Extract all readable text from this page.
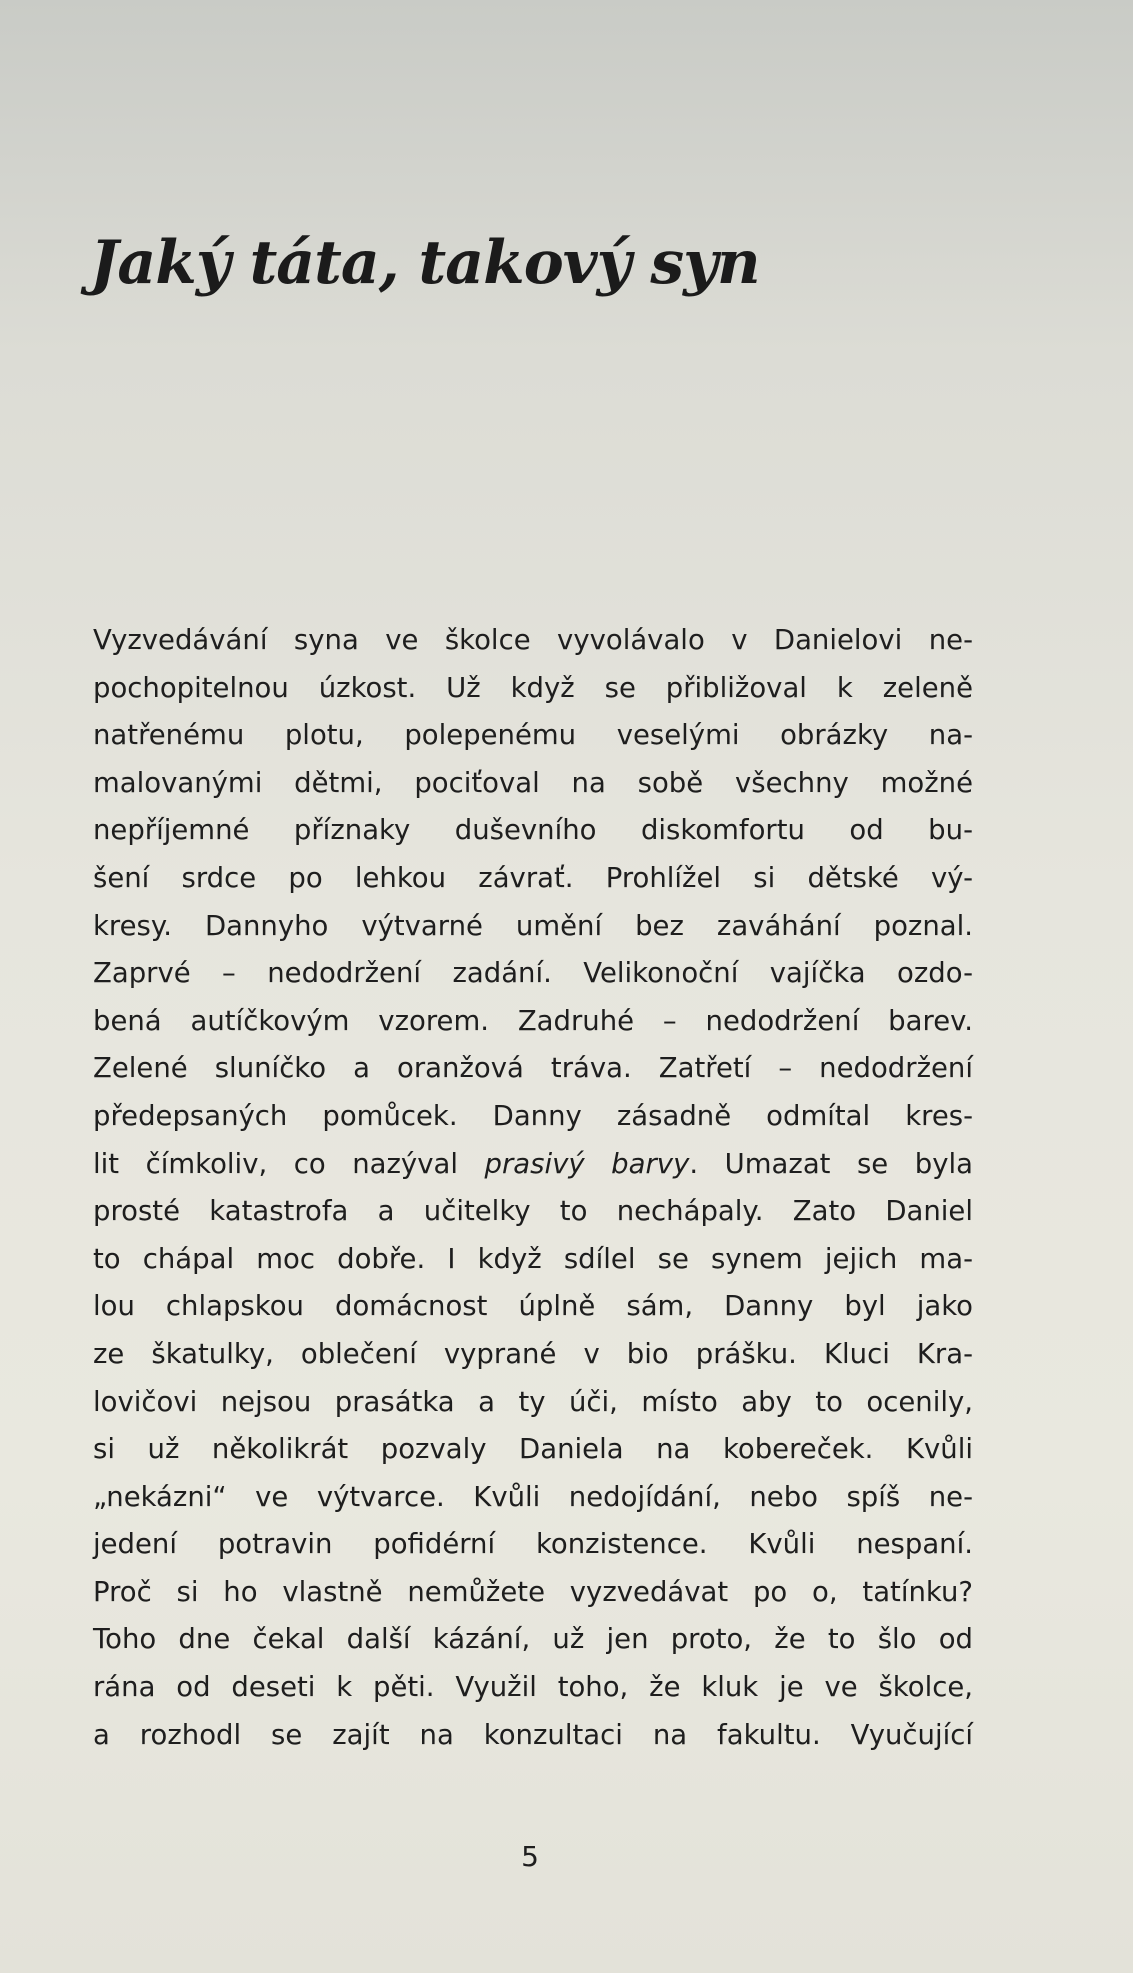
Jaký táta, takový syn
Vyzvedávání syna ve školce vyvolávalo v Danielovi ne-
pochopitelnou úzkost. Už když se přibližoval k zeleně
natřenému plotu, polepenému veselými obrázky na-
malovanými dětmi, pociťoval na sobě všechny možné
nepříjemné příznaky duševního diskomfortu od bu-
šení srdce po lehkou závrať. Prohlížel si dětské vý-
kresy. Dannyho výtvarné umění bez zaváhání poznal.
Zaprvé – nedodržení zadání. Velikonoční vajíčka ozdo-
bená autíčkovým vzorem. Zadruhé – nedodržení barev.
Zelené sluníčko a oranžová tráva. Zatřetí – nedodržení
předepsaných pomůcek. Danny zásadně odmítal kres-
lit čímkoliv, co nazýval prasivý barvy. Umazat se byla
prosté katastrofa a učitelky to nechápaly. Zato Daniel
to chápal moc dobře. I když sdílel se synem jejich ma-
lou chlapskou domácnost úplně sám, Danny byl jako
ze škatulky, oblečení vyprané v bio prášku. Kluci Kra-
lovičovi nejsou prasátka a ty úči, místo aby to ocenily,
si už několikrát pozvaly Daniela na kobereček. Kvůli
„nekázni“ ve výtvarce. Kvůli nedojídání, nebo spíš ne-
jedení potravin pofidérní konzistence. Kvůli nespaní.
Proč si ho vlastně nemůžete vyzvedávat po o, tatínku?
Toho dne čekal další kázání, už jen proto, že to šlo od
rána od deseti k pěti. Využil toho, že kluk je ve školce,
a rozhodl se zajít na konzultaci na fakultu. Vyučující
5
